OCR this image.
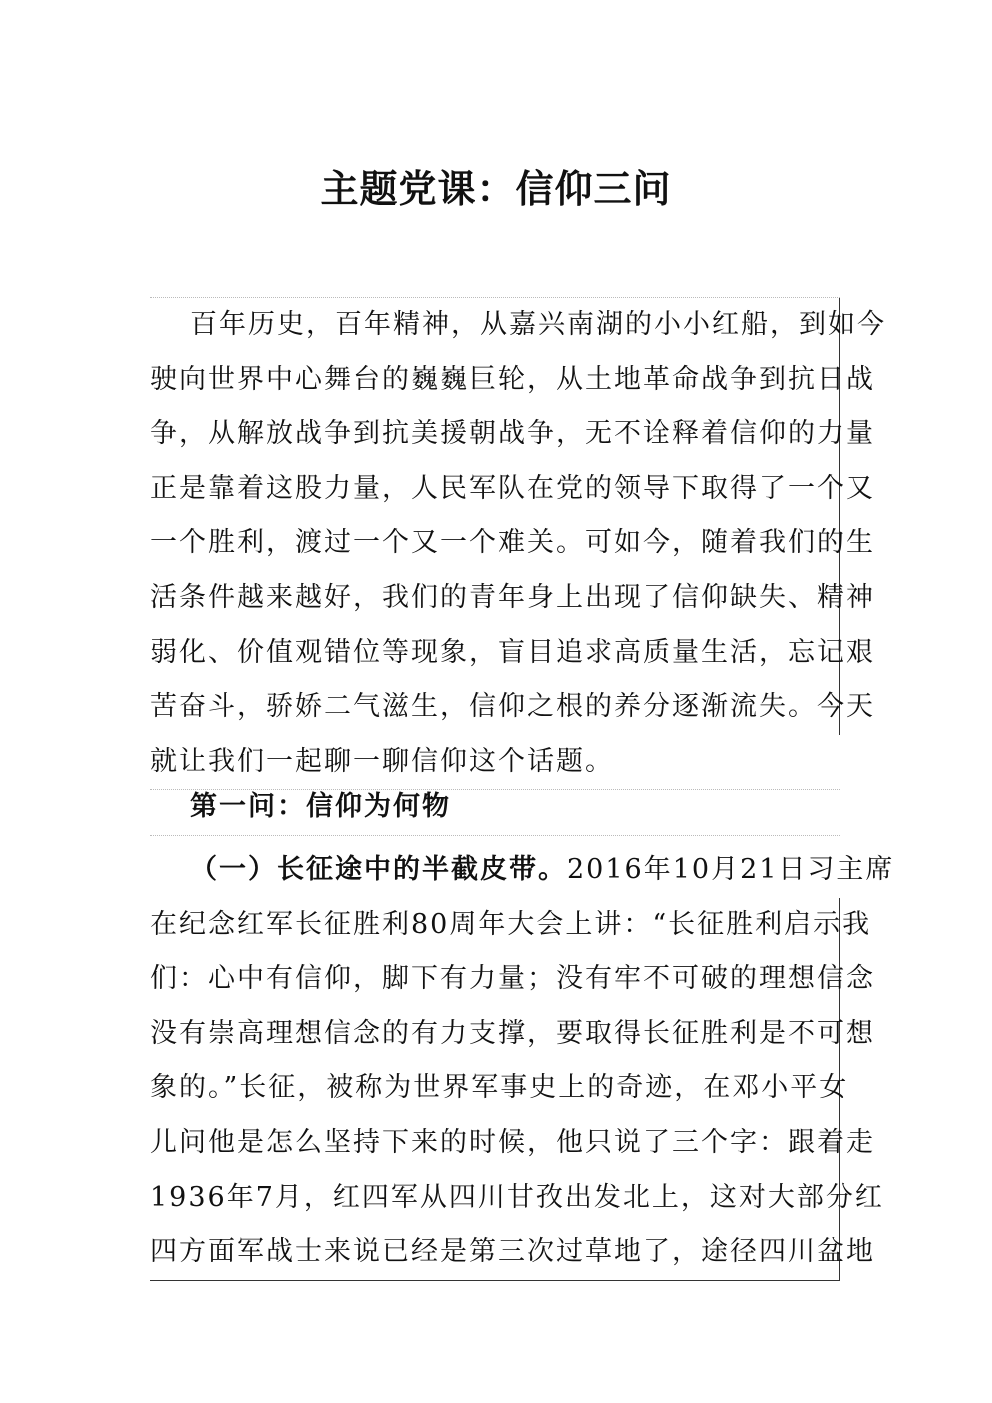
主题党课：信仰三问
百年历史，百年精神，从嘉兴南湖的小小红船，到如今
驶向世界中心舞台的巍巍巨轮，从土地革命战争到抗日战
争，从解放战争到抗美援朝战争，无不诠释着信仰的力量
正是靠着这股力量，人民军队在党的领导下取得了一个又
一个胜利，渡过一个又一个难关。可如今，随着我们的生
活条件越来越好，我们的青年身上出现了信仰缺失、精神
弱化、价值观错位等现象，盲目追求高质量生活，忘记艰
苦奋斗，骄娇二气滋生，信仰之根的养分逐渐流失。今天
就让我们一起聊一聊信仰这个话题。
第一问：信仰为何物
（一）长征途中的半截皮带。2016年10月21日习主席
在纪念红军长征胜利80周年大会上讲：“长征胜利启示我
们：心中有信仰，脚下有力量；没有牢不可破的理想信念
没有崇高理想信念的有力支撑，要取得长征胜利是不可想
象的。”长征，被称为世界军事史上的奇迹，在邓小平女
儿问他是怎么坚持下来的时候，他只说了三个字：跟着走
1936年7月，红四军从四川甘孜出发北上，这对大部分红
四方面军战士来说已经是第三次过草地了，途径四川盆地
